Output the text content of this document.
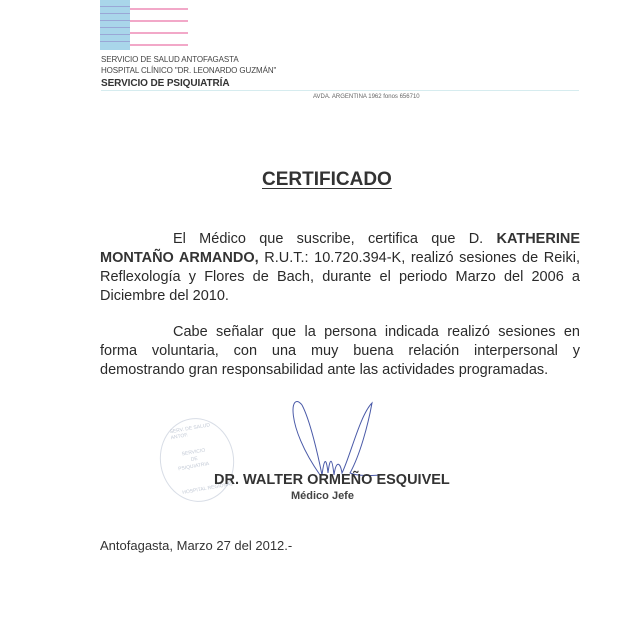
SERVICIO DE SALUD ANTOFAGASTA
HOSPITAL CLÍNICO "DR. LEONARDO GUZMÁN"
SERVICIO DE PSIQUIATRÍA
AVDA. ARGENTINA 1962 fonos 656710
CERTIFICADO
El Médico que suscribe, certifica que D. KATHERINE MONTAÑO ARMANDO, R.U.T.: 10.720.394-K, realizó sesiones de Reiki, Reflexología y Flores de Bach, durante el periodo Marzo del 2006 a Diciembre del 2010.
Cabe señalar que la persona indicada realizó sesiones en forma voluntaria, con una muy buena relación interpersonal y demostrando gran responsabilidad ante las actividades programadas.
SERV. DE SALUD ANTOF.
SERVICIO
DE
PSIQUIATRIA
HOSPITAL REGIONAL
DR. WALTER ORMEÑO ESQUIVEL
Médico Jefe
Antofagasta, Marzo 27 del 2012.-
